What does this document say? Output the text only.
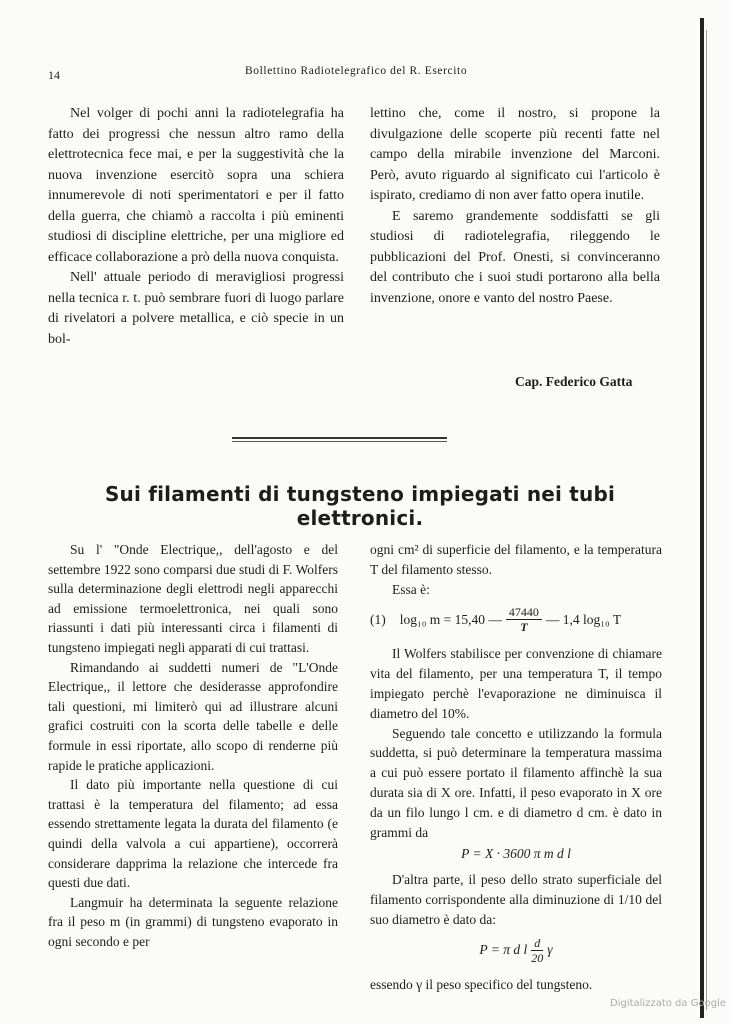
14	Bollettino Radiotelegrafico del R. Esercito

Nel volger di pochi anni la radiotelegrafia ha fatto dei progressi che nessun altro ramo della elettrotecnica fece mai, e per la suggestività che la nuova invenzione esercitò sopra una schiera innumerevole di noti sperimentatori e per il fatto della guerra, che chiamò a raccolta i più eminenti studiosi di discipline elettriche, per una migliore ed efficace collaborazione a prò della nuova conquista.

Nell' attuale periodo di meravigliosi progressi nella tecnica r. t. può sembrare fuori di luogo parlare di rivelatori a polvere metallica, e ciò specie in un bol-

lettino che, come il nostro, si propone la divulgazione delle scoperte più recenti fatte nel campo della mirabile invenzione del Marconi. Però, avuto riguardo al significato cui l'articolo è ispirato, crediamo di non aver fatto opera inutile.

E saremo grandemente soddisfatti se gli studiosi di radiotelegrafia, rileggendo le pubblicazioni del Prof. Onesti, si convinceranno del contributo che i suoi studi portarono alla bella invenzione, onore e vanto del nostro Paese.

Cap. Federico Gatta
Sui filamenti di tungsteno impiegati nei tubi elettronici.

Su l' "Onde Electrique,, dell'agosto e del settembre 1922 sono comparsi due studi di F. Wolfers sulla determinazione degli elettrodi negli apparecchi ad emissione termoelettronica, nei quali sono riassunti i dati più interessanti circa i filamenti di tungsteno impiegati negli apparati di cui trattasi.

Rimandando ai suddetti numeri de "L'Onde Electrique,, il lettore che desiderasse approfondire tali questioni, mi limiterò qui ad illustrare alcuni grafici costruiti con la scorta delle tabelle e delle formule in essi riportate, allo scopo di renderne più rapide le pratiche applicazioni.

Il dato più importante nella questione di cui trattasi è la temperatura del filamento; ad essa essendo strettamente legata la durata del filamento (e quindi della valvola a cui appartiene), occorrerà considerare dapprima la relazione che intercede fra questi due dati.

Langmuir ha determinata la seguente relazione fra il peso m (in grammi) di tungsteno evaporato in ogni secondo e per

ogni cm² di superficie del filamento, e la temperatura T del filamento stesso.

Essa è:

(1) log₁₀ m = 15,40 — $\frac{47440}{T}$ — 1,4 log₁₀ T

Il Wolfers stabilisce per convenzione di chiamare vita del filamento, per una temperatura T, il tempo impiegato perchè l'evaporazione ne diminuisca il diametro del 10%.

Seguendo tale concetto e utilizzando la formula suddetta, si può determinare la temperatura massima a cui può essere portato il filamento affinchè la sua durata sia di X ore. Infatti, il peso evaporato in X ore da un filo lungo l cm. e di diametro d cm. è dato in grammi da

P = X · 3600 π m d l

D'altra parte, il peso dello strato superficiale del filamento corrispondente alla diminuzione di 1/10 del suo diametro è dato da:

P = π d l $\frac{d}{20}$ γ

essendo γ il peso specifico del tungsteno.

Digitalizzato da Google
